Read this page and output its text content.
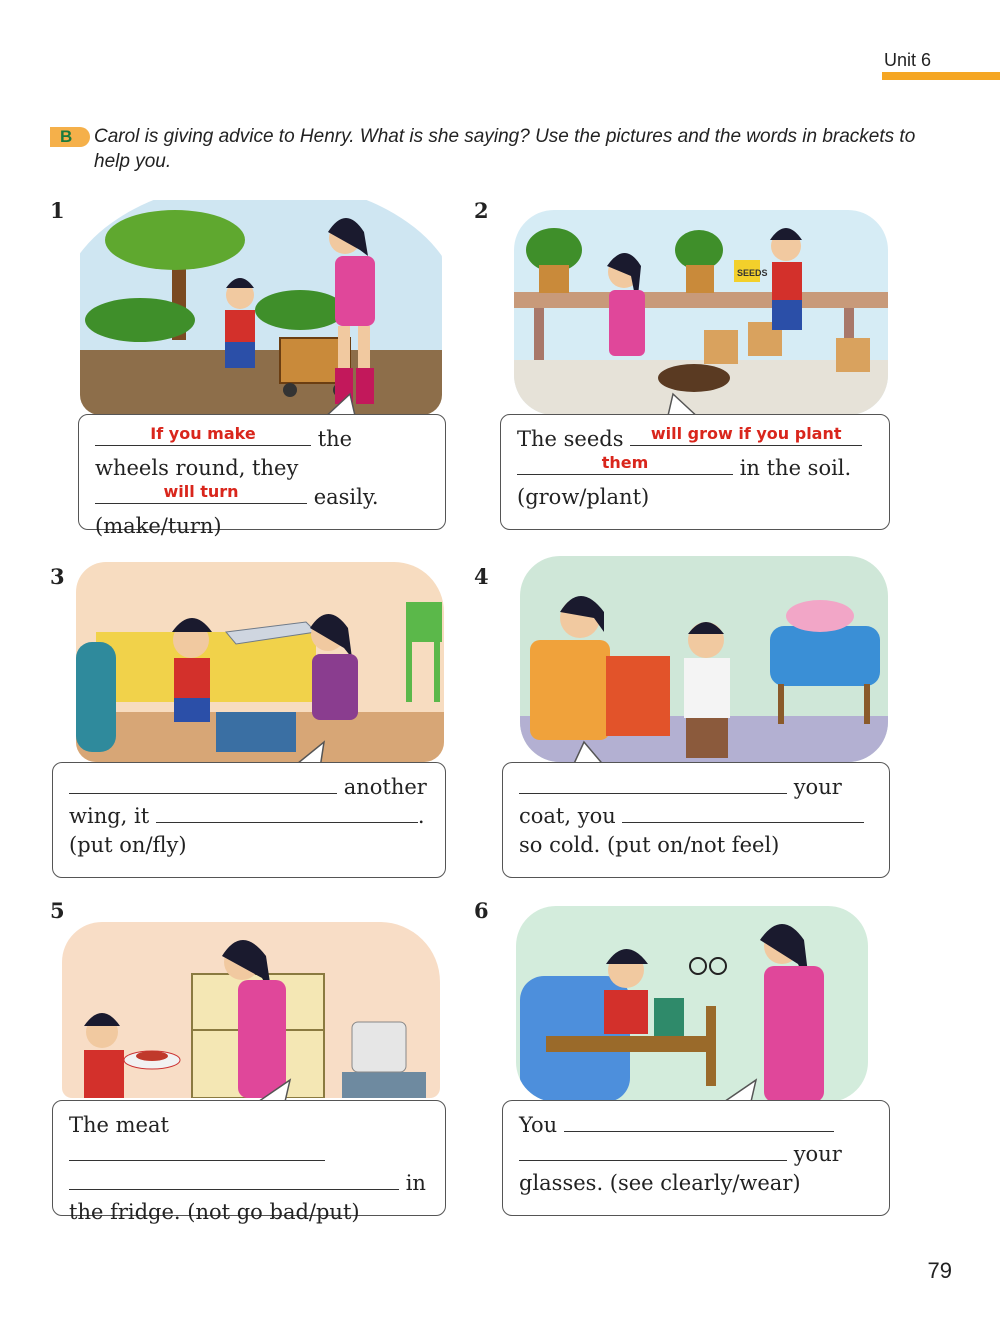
Unit 6
B Carol is giving advice to Henry. What is she saying? Use the pictures and the words in brackets to help you.
1
If you make	the wheels round, they
will turn	easily. (make/turn)
2
SEEDS
The seeds	will grow if you plant

them	in the soil. (grow/plant)
3
another wing, it	. (put on/fly)
4
your coat, you
so cold. (put on/not feel)
5
The meat

in the fridge. (not go bad/put)
6
You

your glasses. (see clearly/wear)
79
